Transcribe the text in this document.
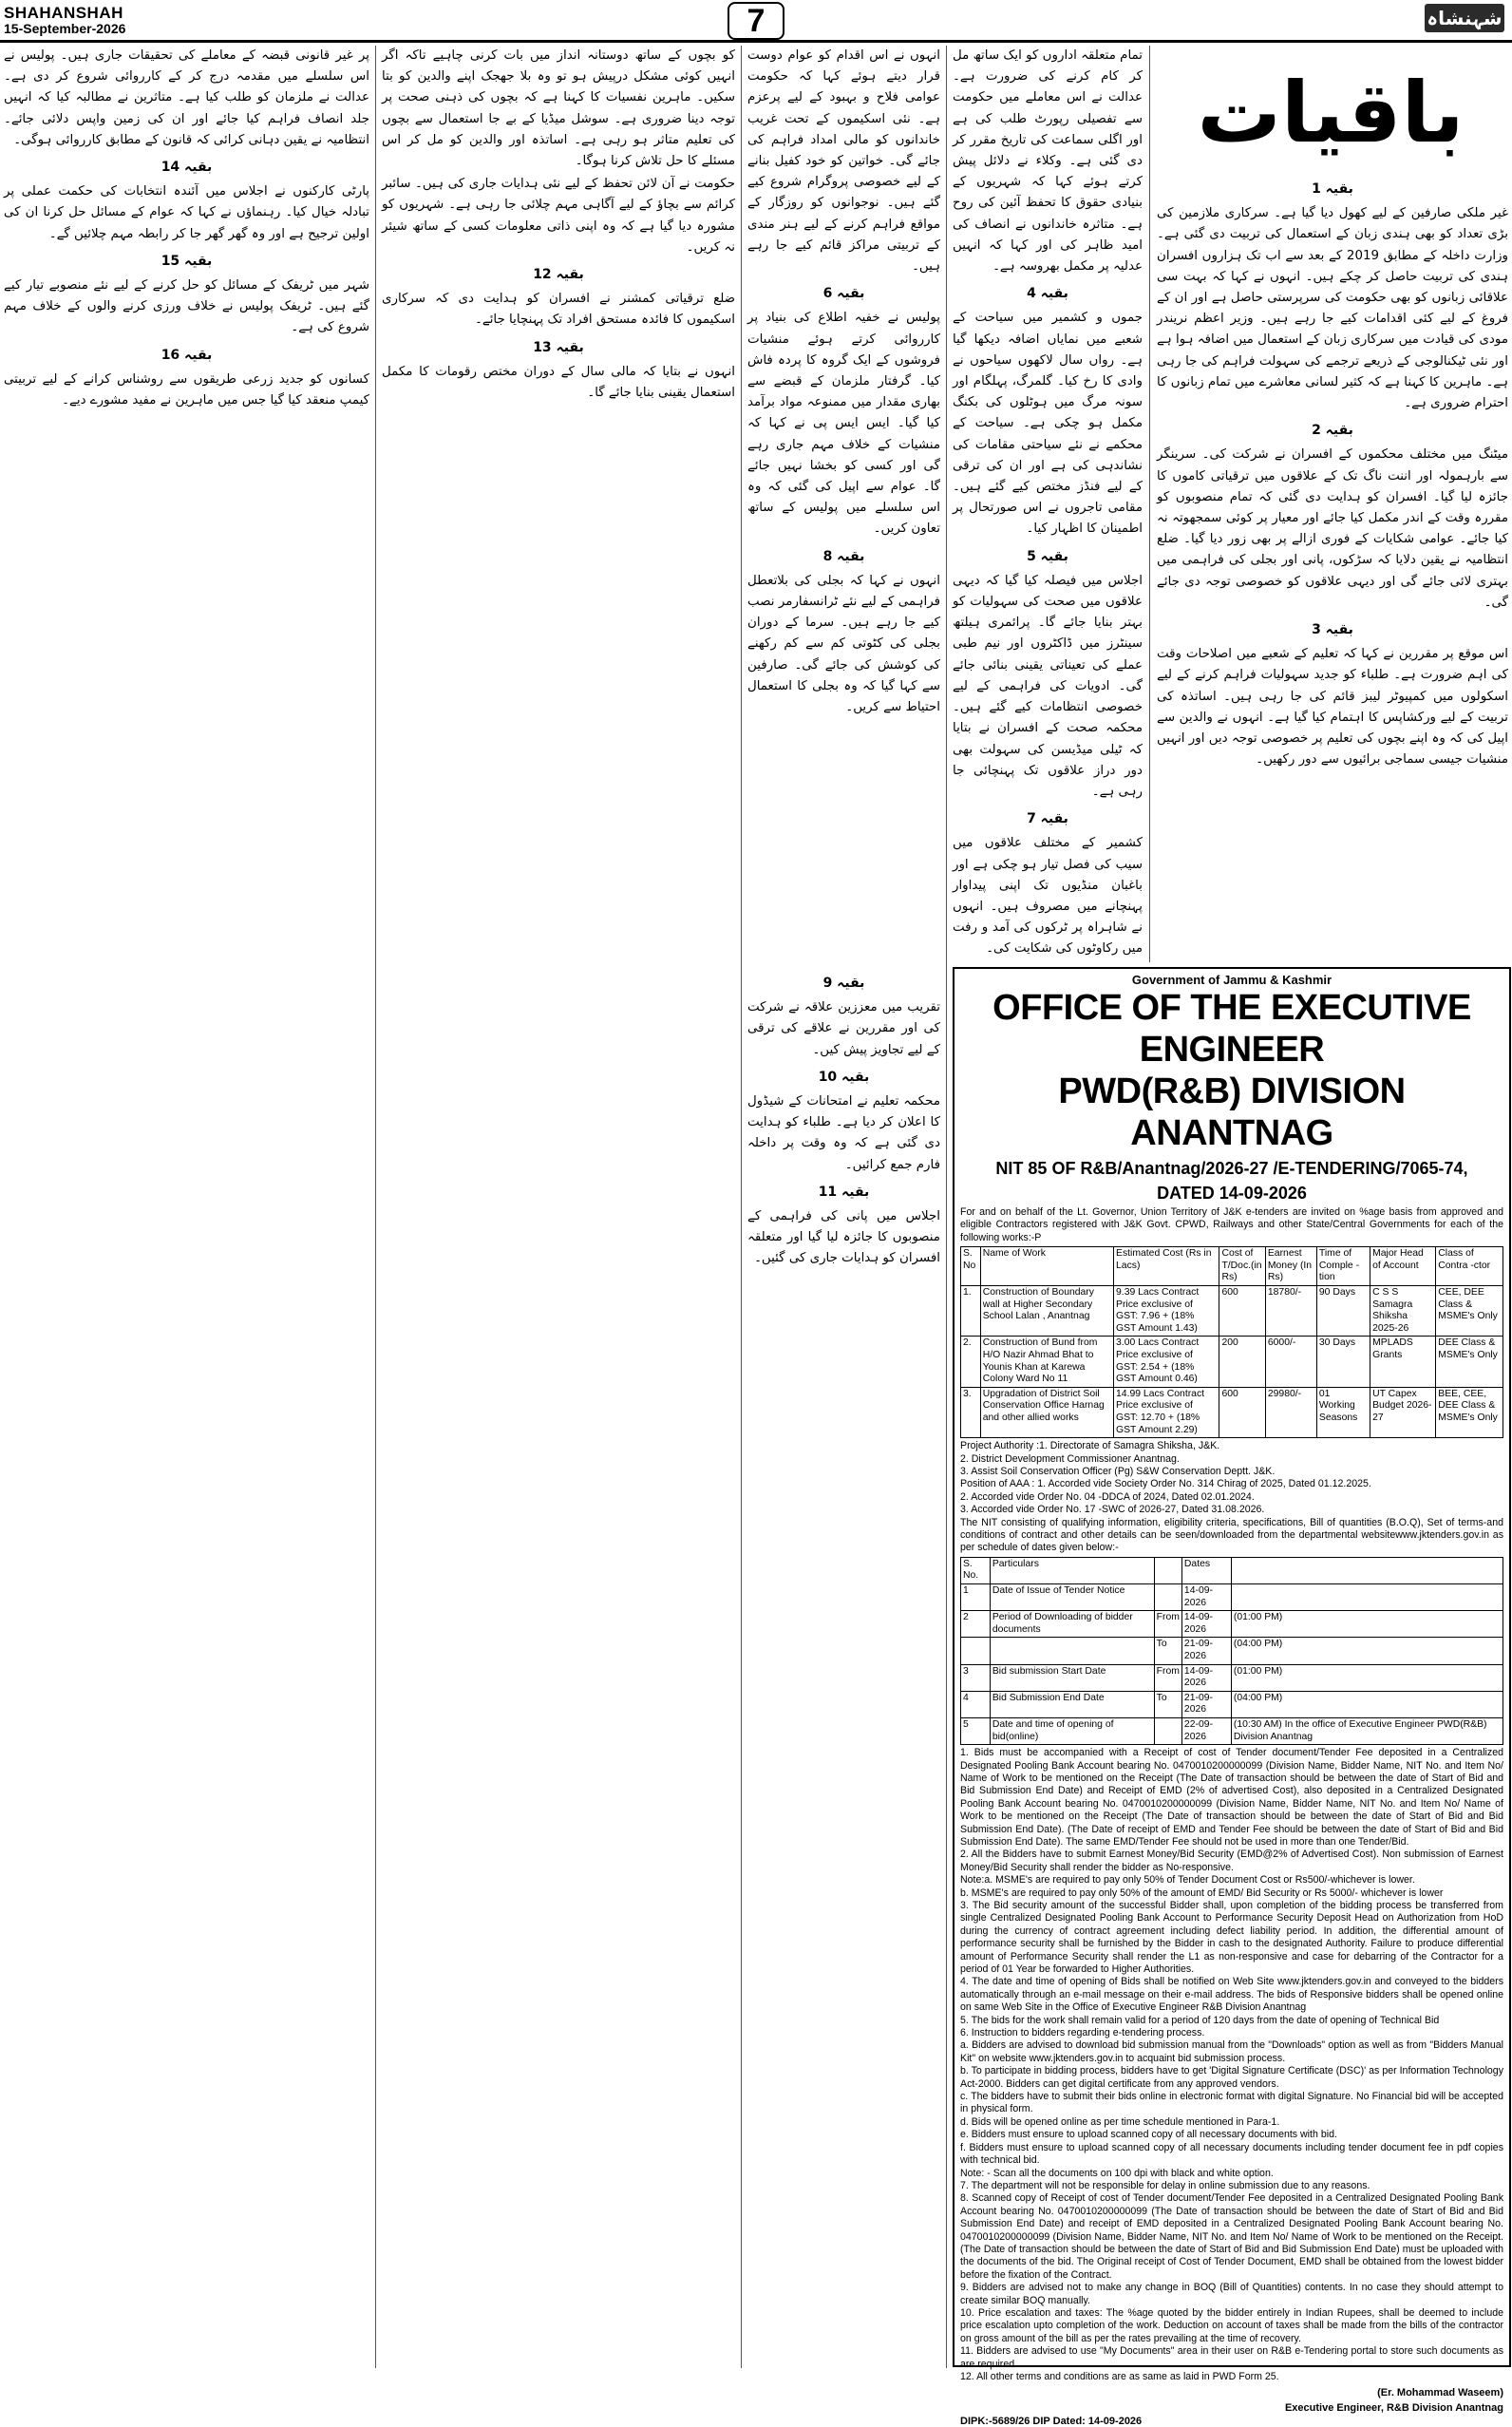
SHAHANSHAH
15-September-2026	7	شہنشاہ
باقیات
بقیہ 1

غیر ملکی صارفین کے لیے کھول دیا گیا ہے۔ سرکاری ملازمین کی بڑی تعداد کو بھی ہندی زبان کے استعمال کی تربیت دی گئی ہے۔ وزارت داخلہ کے مطابق 2019 کے بعد سے اب تک ہزاروں افسران ہندی کی تربیت حاصل کر چکے ہیں۔ انہوں نے کہا کہ بہت سی علاقائی زبانوں کو بھی حکومت کی سرپرستی حاصل ہے اور ان کے فروغ کے لیے کئی اقدامات کیے جا رہے ہیں۔ وزیر اعظم نریندر مودی کی قیادت میں سرکاری زبان کے استعمال میں اضافہ ہوا ہے اور نئی ٹیکنالوجی کے ذریعے ترجمے کی سہولت فراہم کی جا رہی ہے۔ ماہرین کا کہنا ہے کہ کثیر لسانی معاشرے میں تمام زبانوں کا احترام ضروری ہے۔

بقیہ 2

میٹنگ میں مختلف محکموں کے افسران نے شرکت کی۔ سرینگر سے بارہمولہ اور اننت ناگ تک کے علاقوں میں ترقیاتی کاموں کا جائزہ لیا گیا۔ افسران کو ہدایت دی گئی کہ تمام منصوبوں کو مقررہ وقت کے اندر مکمل کیا جائے اور معیار پر کوئی سمجھوتہ نہ کیا جائے۔ عوامی شکایات کے فوری ازالے پر بھی زور دیا گیا۔ ضلع انتظامیہ نے یقین دلایا کہ سڑکوں، پانی اور بجلی کی فراہمی میں بہتری لائی جائے گی اور دیہی علاقوں کو خصوصی توجہ دی جائے گی۔

بقیہ 3

اس موقع پر مقررین نے کہا کہ تعلیم کے شعبے میں اصلاحات وقت کی اہم ضرورت ہے۔ طلباء کو جدید سہولیات فراہم کرنے کے لیے اسکولوں میں کمپیوٹر لیبز قائم کی جا رہی ہیں۔ اساتذہ کی تربیت کے لیے ورکشاپس کا اہتمام کیا گیا ہے۔ انہوں نے والدین سے اپیل کی کہ وہ اپنے بچوں کی تعلیم پر خصوصی توجہ دیں اور انہیں منشیات جیسی سماجی برائیوں سے دور رکھیں۔

تمام متعلقہ اداروں کو ایک ساتھ مل کر کام کرنے کی ضرورت ہے۔ عدالت نے اس معاملے میں حکومت سے تفصیلی رپورٹ طلب کی ہے اور اگلی سماعت کی تاریخ مقرر کر دی گئی ہے۔ وکلاء نے دلائل پیش کرتے ہوئے کہا کہ شہریوں کے بنیادی حقوق کا تحفظ آئین کی روح ہے۔ متاثرہ خاندانوں نے انصاف کی امید ظاہر کی اور کہا کہ انہیں عدلیہ پر مکمل بھروسہ ہے۔

بقیہ 4

جموں و کشمیر میں سیاحت کے شعبے میں نمایاں اضافہ دیکھا گیا ہے۔ رواں سال لاکھوں سیاحوں نے وادی کا رخ کیا۔ گلمرگ، پہلگام اور سونہ مرگ میں ہوٹلوں کی بکنگ مکمل ہو چکی ہے۔ سیاحت کے محکمے نے نئے سیاحتی مقامات کی نشاندہی کی ہے اور ان کی ترقی کے لیے فنڈز مختص کیے گئے ہیں۔ مقامی تاجروں نے اس صورتحال پر اطمینان کا اظہار کیا۔

بقیہ 5

اجلاس میں فیصلہ کیا گیا کہ دیہی علاقوں میں صحت کی سہولیات کو بہتر بنایا جائے گا۔ پرائمری ہیلتھ سینٹرز میں ڈاکٹروں اور نیم طبی عملے کی تعیناتی یقینی بنائی جائے گی۔ ادویات کی فراہمی کے لیے خصوصی انتظامات کیے گئے ہیں۔ محکمہ صحت کے افسران نے بتایا کہ ٹیلی میڈیسن کی سہولت بھی دور دراز علاقوں تک پہنچائی جا رہی ہے۔

بقیہ 7

کشمیر کے مختلف علاقوں میں سیب کی فصل تیار ہو چکی ہے اور باغبان منڈیوں تک اپنی پیداوار پہنچانے میں مصروف ہیں۔ انہوں نے شاہراہ پر ٹرکوں کی آمد و رفت میں رکاوٹوں کی شکایت کی۔

انہوں نے اس اقدام کو عوام دوست قرار دیتے ہوئے کہا کہ حکومت عوامی فلاح و بہبود کے لیے پرعزم ہے۔ نئی اسکیموں کے تحت غریب خاندانوں کو مالی امداد فراہم کی جائے گی۔ خواتین کو خود کفیل بنانے کے لیے خصوصی پروگرام شروع کیے گئے ہیں۔ نوجوانوں کو روزگار کے مواقع فراہم کرنے کے لیے ہنر مندی کے تربیتی مراکز قائم کیے جا رہے ہیں۔

بقیہ 6

پولیس نے خفیہ اطلاع کی بنیاد پر کارروائی کرتے ہوئے منشیات فروشوں کے ایک گروہ کا پردہ فاش کیا۔ گرفتار ملزمان کے قبضے سے بھاری مقدار میں ممنوعہ مواد برآمد کیا گیا۔ ایس ایس پی نے کہا کہ منشیات کے خلاف مہم جاری رہے گی اور کسی کو بخشا نہیں جائے گا۔ عوام سے اپیل کی گئی کہ وہ اس سلسلے میں پولیس کے ساتھ تعاون کریں۔

بقیہ 8

انہوں نے کہا کہ بجلی کی بلاتعطل فراہمی کے لیے نئے ٹرانسفارمر نصب کیے جا رہے ہیں۔ سرما کے دوران بجلی کی کٹوتی کم سے کم رکھنے کی کوشش کی جائے گی۔ صارفین سے کہا گیا کہ وہ بجلی کا استعمال احتیاط سے کریں۔

بقیہ 9

تقریب میں معززین علاقہ نے شرکت کی اور مقررین نے علاقے کی ترقی کے لیے تجاویز پیش کیں۔

بقیہ 10

محکمہ تعلیم نے امتحانات کے شیڈول کا اعلان کر دیا ہے۔ طلباء کو ہدایت دی گئی ہے کہ وہ وقت پر داخلہ فارم جمع کرائیں۔

بقیہ 11

اجلاس میں پانی کی فراہمی کے منصوبوں کا جائزہ لیا گیا اور متعلقہ افسران کو ہدایات جاری کی گئیں۔

کو بچوں کے ساتھ دوستانہ انداز میں بات کرنی چاہیے تاکہ اگر انہیں کوئی مشکل درپیش ہو تو وہ بلا جھجک اپنے والدین کو بتا سکیں۔ ماہرین نفسیات کا کہنا ہے کہ بچوں کی ذہنی صحت پر توجہ دینا ضروری ہے۔ سوشل میڈیا کے بے جا استعمال سے بچوں کی تعلیم متاثر ہو رہی ہے۔ اساتذہ اور والدین کو مل کر اس مسئلے کا حل تلاش کرنا ہوگا۔

حکومت نے آن لائن تحفظ کے لیے نئی ہدایات جاری کی ہیں۔ سائبر کرائم سے بچاؤ کے لیے آگاہی مہم چلائی جا رہی ہے۔ شہریوں کو مشورہ دیا گیا ہے کہ وہ اپنی ذاتی معلومات کسی کے ساتھ شیئر نہ کریں۔

بقیہ 12

ضلع ترقیاتی کمشنر نے افسران کو ہدایت دی کہ سرکاری اسکیموں کا فائدہ مستحق افراد تک پہنچایا جائے۔

بقیہ 13

انہوں نے بتایا کہ مالی سال کے دوران مختص رقومات کا مکمل استعمال یقینی بنایا جائے گا۔

پر غیر قانونی قبضہ کے معاملے کی تحقیقات جاری ہیں۔ پولیس نے اس سلسلے میں مقدمہ درج کر کے کارروائی شروع کر دی ہے۔ عدالت نے ملزمان کو طلب کیا ہے۔ متاثرین نے مطالبہ کیا کہ انہیں جلد انصاف فراہم کیا جائے اور ان کی زمین واپس دلائی جائے۔ انتظامیہ نے یقین دہانی کرائی کہ قانون کے مطابق کارروائی ہوگی۔

بقیہ 14

پارٹی کارکنوں نے اجلاس میں آئندہ انتخابات کی حکمت عملی پر تبادلہ خیال کیا۔ رہنماؤں نے کہا کہ عوام کے مسائل حل کرنا ان کی اولین ترجیح ہے اور وہ گھر گھر جا کر رابطہ مہم چلائیں گے۔

بقیہ 15

شہر میں ٹریفک کے مسائل کو حل کرنے کے لیے نئے منصوبے تیار کیے گئے ہیں۔ ٹریفک پولیس نے خلاف ورزی کرنے والوں کے خلاف مہم شروع کی ہے۔

بقیہ 16

کسانوں کو جدید زرعی طریقوں سے روشناس کرانے کے لیے تربیتی کیمپ منعقد کیا گیا جس میں ماہرین نے مفید مشورے دیے۔

Government of Jammu & Kashmir
OFFICE OF THE EXECUTIVE ENGINEER
PWD(R&B) DIVISION ANANTNAG
NIT 85 OF R&B/Anantnag/2026-27 /E-TENDERING/7065-74,
DATED 14-09-2026
For and on behalf of the Lt. Governor, Union Territory of J&K e-tenders are invited on %age basis from approved and eligible Contractors registered with J&K Govt. CPWD, Railways and other State/Central Governments for each of the following works:-P
S. No	Name of Work	Estimated Cost (Rs in Lacs)	Cost of T/Doc.(in Rs)	Earnest Money (In Rs)	Time of Comple -tion	Major Head of Account	Class of Contra -ctor
1.	Construction of Boundary wall at Higher Secondary School Lalan , Anantnag	9.39 Lacs Contract Price exclusive of GST: 7.96 + (18% GST Amount 1.43)	600	18780/-	90 Days	C S S Samagra Shiksha 2025-26	CEE, DEE Class & MSME's Only
2.	Construction of Bund from H/O Nazir Ahmad Bhat to Younis Khan at Karewa Colony Ward No 11	3.00 Lacs Contract Price exclusive of GST: 2.54 + (18% GST Amount 0.46)	200	6000/-	30 Days	MPLADS Grants	DEE Class & MSME's Only
3.	Upgradation of District Soil Conservation Office Harnag and other allied works	14.99 Lacs Contract Price exclusive of GST: 12.70 + (18% GST Amount 2.29)	600	29980/-	01 Working Seasons	UT Capex Budget 2026-27	BEE, CEE, DEE Class & MSME's Only
Project Authority :1. Directorate of Samagra Shiksha, J&K.
2. District Development Commissioner Anantnag.
3. Assist Soil Conservation Officer (Pg) S&W Conservation Deptt. J&K.
Position of AAA : 1. Accorded vide Society Order No. 314 Chirag of 2025, Dated 01.12.2025.
2. Accorded vide Order No. 04 -DDCA of 2024, Dated 02.01.2024.
3. Accorded vide Order No. 17 -SWC of 2026-27, Dated 31.08.2026.
The NIT consisting of qualifying information, eligibility criteria, specifications, Bill of quantities (B.O.Q), Set of terms-and conditions of contract and other details can be seen/downloaded from the departmental websitewww.jktenders.gov.in as per schedule of dates given below:-
S. No.	Particulars		Dates	
1	Date of Issue of Tender Notice		14-09-2026	
2	Period of Downloading of bidder documents	From	14-09-2026	(01:00 PM)
		To	21-09-2026	(04:00 PM)
3	Bid submission Start Date	From	14-09-2026	(01:00 PM)
4	Bid Submission End Date	To	21-09-2026	(04:00 PM)
5	Date and time of opening of bid(online)		22-09-2026	(10:30 AM) In the office of Executive Engineer PWD(R&B) Division Anantnag
1. Bids must be accompanied with a Receipt of cost of Tender document/Tender Fee deposited in a Centralized Designated Pooling Bank Account bearing No. 0470010200000099 (Division Name, Bidder Name, NIT No. and Item No/ Name of Work to be mentioned on the Receipt (The Date of transaction should be between the date of Start of Bid and Bid Submission End Date) and Receipt of EMD (2% of advertised Cost), also deposited in a Centralized Designated Pooling Bank Account bearing No. 0470010200000099 (Division Name, Bidder Name, NIT No. and Item No/ Name of Work to be mentioned on the Receipt (The Date of transaction should be between the date of Start of Bid and Bid Submission End Date). (The Date of receipt of EMD and Tender Fee should be between the date of Start of Bid and Bid Submission End Date). The same EMD/Tender Fee should not be used in more than one Tender/Bid.
2. All the Bidders have to submit Earnest Money/Bid Security (EMD@2% of Advertised Cost). Non submission of Earnest Money/Bid Security shall render the bidder as No-responsive.
Note:a. MSME's are required to pay only 50% of Tender Document Cost or Rs500/-whichever is lower.
b. MSME's are required to pay only 50% of the amount of EMD/ Bid Security or Rs 5000/- whichever is lower
3. The Bid security amount of the successful Bidder shall, upon completion of the bidding process be transferred from single Centralized Designated Pooling Bank Account to Performance Security Deposit Head on Authorization from HoD during the currency of contract agreement including defect liability period. In addition, the differential amount of performance security shall be furnished by the Bidder in cash to the designated Authority. Failure to produce differential amount of Performance Security shall render the L1 as non-responsive and case for debarring of the Contractor for a period of 01 Year be forwarded to Higher Authorities.
4. The date and time of opening of Bids shall be notified on Web Site www.jktenders.gov.in and conveyed to the bidders automatically through an e-mail message on their e-mail address. The bids of Responsive bidders shall be opened online on same Web Site in the Office of Executive Engineer R&B Division Anantnag
5. The bids for the work shall remain valid for a period of 120 days from the date of opening of Technical Bid
6. Instruction to bidders regarding e-tendering process.
a. Bidders are advised to download bid submission manual from the "Downloads" option as well as from "Bidders Manual Kit" on website www.jktenders.gov.in to acquaint bid submission process.
b. To participate in bidding process, bidders have to get 'Digital Signature Certificate (DSC)' as per Information Technology Act-2000. Bidders can get digital certificate from any approved vendors.
c. The bidders have to submit their bids online in electronic format with digital Signature. No Financial bid will be accepted in physical form.
d. Bids will be opened online as per time schedule mentioned in Para-1.
e. Bidders must ensure to upload scanned copy of all necessary documents with bid.
f. Bidders must ensure to upload scanned copy of all necessary documents including tender document fee in pdf copies with technical bid.
Note: - Scan all the documents on 100 dpi with black and white option.
7. The department will not be responsible for delay in online submission due to any reasons.
8. Scanned copy of Receipt of cost of Tender document/Tender Fee deposited in a Centralized Designated Pooling Bank Account bearing No. 0470010200000099 (The Date of transaction should be between the date of Start of Bid and Bid Submission End Date) and receipt of EMD deposited in a Centralized Designated Pooling Bank Account bearing No. 0470010200000099 (Division Name, Bidder Name, NIT No. and Item No/ Name of Work to be mentioned on the Receipt. (The Date of transaction should be between the date of Start of Bid and Bid Submission End Date) must be uploaded with the documents of the bid. The Original receipt of Cost of Tender Document, EMD shall be obtained from the lowest bidder before the fixation of the Contract.
9. Bidders are advised not to make any change in BOQ (Bill of Quantities) contents. In no case they should attempt to create similar BOQ manually.
10. Price escalation and taxes: The %age quoted by the bidder entirely in Indian Rupees, shall be deemed to include price escalation upto completion of the work. Deduction on account of taxes shall be made from the bills of the contractor on gross amount of the bill as per the rates prevailing at the time of recovery.
11. Bidders are advised to use "My Documents" area in their user on R&B e-Tendering portal to store such documents as are required.
12. All other terms and conditions are as same as laid in PWD Form 25.
(Er. Mohammad Waseem)
Executive Engineer, R&B Division Anantnag
DIPK:-5689/26 DIP Dated: 14-09-2026
